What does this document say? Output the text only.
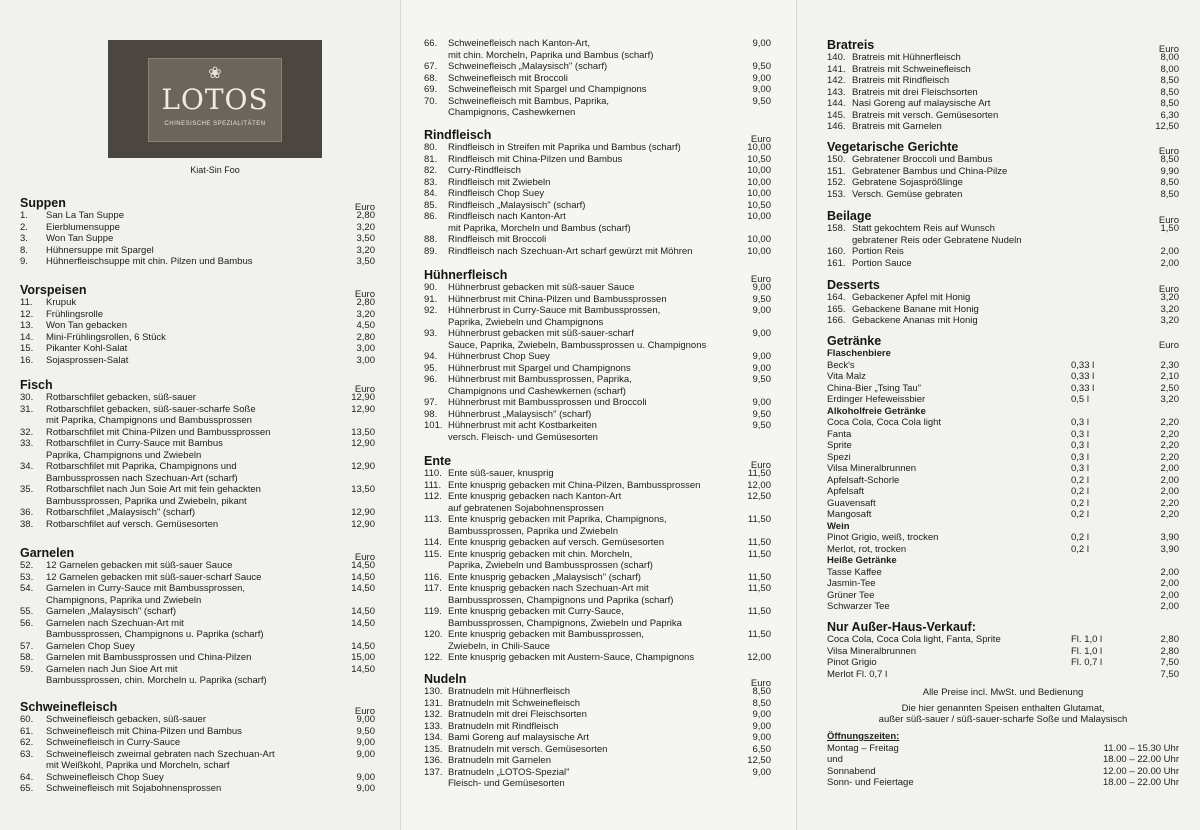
❀
LOTOS
CHINESISCHE SPEZIALITÄTEN
Kiat-Sin Foo
Suppen	Euro
1. San La Tan Suppe	2,80
2. Eierblumensuppe	3,20
3. Won Tan Suppe	3,50
8. Hühnersuppe mit Spargel	3,20
9. Hühnerfleischsuppe mit chin. Pilzen und Bambus	3,50
Vorspeisen	Euro
11. Krupuk	2,80
12. Frühlingsrolle	3,20
13. Won Tan gebacken	4,50
14. Mini-Frühlingsrollen, 6 Stück	2,80
15. Pikanter Kohl-Salat	3,00
16. Sojasprossen-Salat	3,00
Fisch	Euro
30. Rotbarschfilet gebacken, süß-sauer	12,90
31. Rotbarschfilet gebacken, süß-sauer-scharfe Soße	12,90
mit Paprika, Champignons und Bambussprossen
32. Rotbarschfilet mit China-Pilzen und Bambussprossen	13,50
33. Rotbarschfilet in Curry-Sauce mit Bambus	12,90
Paprika, Champignons und Zwiebeln
34. Rotbarschfilet mit Paprika, Champignons und	12,90
Bambussprossen nach Szechuan-Art (scharf)
35. Rotbarschfilet nach Jun Soie Art mit fein gehackten	13,50
Bambussprossen, Paprika und Zwiebeln, pikant
36. Rotbarschfilet „Malaysisch" (scharf)	12,90
38. Rotbarschfilet auf versch. Gemüsesorten	12,90
Garnelen	Euro
52. 12 Garnelen gebacken mit süß-sauer Sauce	14,50
53. 12 Garnelen gebacken mit süß-sauer-scharf Sauce	14,50
54. Garnelen in Curry-Sauce mit Bambussprossen,	14,50
Champignons, Paprika und Zwiebeln
55. Garnelen „Malaysisch" (scharf)	14,50
56. Garnelen nach Szechuan-Art mit	14,50
Bambussprossen, Champignons u. Paprika (scharf)
57. Garnelen Chop Suey	14,50
58. Garnelen mit Bambussprossen und China-Pilzen	15,00
59. Garnelen nach Jun Sioe Art mit	14,50
Bambussprossen, chin. Morcheln u. Paprika (scharf)
Schweinefleisch	Euro
60. Schweinefleisch gebacken, süß-sauer	9,00
61. Schweinefleisch mit China-Pilzen und Bambus	9,50
62. Schweinefleisch in Curry-Sauce	9,00
63. Schweinefleisch zweimal gebraten nach Szechuan-Art	9,00
mit Weißkohl, Paprika und Morcheln, scharf
64. Schweinefleisch Chop Suey	9,00
65. Schweinefleisch mit Sojabohnensprossen	9,00
66. Schweinefleisch nach Kanton-Art,	9,00
mit chin. Morcheln, Paprika und Bambus (scharf)
67. Schweinefleisch „Malaysisch" (scharf)	9,50
68. Schweinefleisch mit Broccoli	9,00
69. Schweinefleisch mit Spargel und Champignons	9,00
70. Schweinefleisch mit Bambus, Paprika,	9,50
Champignons, Cashewkernen
Rindfleisch	Euro
80. Rindfleisch in Streifen mit Paprika und Bambus (scharf)	10,00
81. Rindfleisch mit China-Pilzen und Bambus	10,50
82. Curry-Rindfleisch	10,00
83. Rindfleisch mit Zwiebeln	10,00
84. Rindfleisch Chop Suey	10,00
85. Rindfleisch „Malaysisch" (scharf)	10,50
86. Rindfleisch nach Kanton-Art	10,00
mit Paprika, Morcheln und Bambus (scharf)
88. Rindfleisch mit Broccoli	10,00
89. Rindfleisch nach Szechuan-Art scharf gewürzt mit Möhren	10,00
Hühnerfleisch	Euro
90. Hühnerbrust gebacken mit süß-sauer Sauce	9,00
91. Hühnerbrust mit China-Pilzen und Bambussprossen	9,50
92. Hühnerbrust in Curry-Sauce mit Bambussprossen,	9,00
Paprika, Zwiebeln und Champignons
93. Hühnerbrust gebacken mit süß-sauer-scharf	9,00
Sauce, Paprika, Zwiebeln, Bambussprossen u. Champignons
94. Hühnerbrust Chop Suey	9,00
95. Hühnerbrust mit Spargel und Champignons	9,00
96. Hühnerbrust mit Bambussprossen, Paprika,	9,50
Champignons und Cashewkernen (scharf)
97. Hühnerbrust mit Bambussprossen und Broccoli	9,00
98. Hühnerbrust „Malaysisch" (scharf)	9,50
101. Hühnerbrust mit acht Kostbarkeiten	9,50
versch. Fleisch- und Gemüsesorten
Ente	Euro
110. Ente süß-sauer, knusprig	11,50
111. Ente knusprig gebacken mit China-Pilzen, Bambussprossen	12,00
112. Ente knusprig gebacken nach Kanton-Art	12,50
auf gebratenen Sojabohnensprossen
113. Ente knusprig gebacken mit Paprika, Champignons,	11,50
Bambussprossen, Paprika und Zwiebeln
114. Ente knusprig gebacken auf versch. Gemüsesorten	11,50
115. Ente knusprig gebacken mit chin. Morcheln,	11,50
Paprika, Zwiebeln und Bambussprossen (scharf)
116. Ente knusprig gebacken „Malaysisch" (scharf)	11,50
117. Ente knusprig gebacken nach Szechuan-Art mit	11,50
Bambussprossen, Champignons und Paprika (scharf)
119. Ente knusprig gebacken mit Curry-Sauce,	11,50
Bambussprossen, Champignons, Zwiebeln und Paprika
120. Ente knusprig gebacken mit Bambussprossen,	11,50
Zwiebeln, in Chili-Sauce
122. Ente knusprig gebacken mit Austern-Sauce, Champignons	12,00
Nudeln	Euro
130. Bratnudeln mit Hühnerfleisch	8,50
131. Bratnudeln mit Schweinefleisch	8,50
132. Bratnudeln mit drei Fleischsorten	9,00
133. Bratnudeln mit Rindfleisch	9,00
134. Bami Goreng auf malaysische Art	9,00
135. Bratnudeln mit versch. Gemüsesorten	6,50
136. Bratnudeln mit Garnelen	12,50
137. Bratnudeln „LOTOS-Spezial"	9,00
Fleisch- und Gemüsesorten
Bratreis	Euro
140. Bratreis mit Hühnerfleisch	8,00
141. Bratreis mit Schweinefleisch	8,00
142. Bratreis mit Rindfleisch	8,50
143. Bratreis mit drei Fleischsorten	8,50
144. Nasi Goreng auf malaysische Art	8,50
145. Bratreis mit versch. Gemüsesorten	6,30
146. Bratreis mit Garnelen	12,50
Vegetarische Gerichte	Euro
150. Gebratener Broccoli und Bambus	8,50
151. Gebratener Bambus und China-Pilze	9,90
152. Gebratene Sojasprößlinge	8,50
153. Versch. Gemüse gebraten	8,50
Beilage	Euro
158. Statt gekochtem Reis auf Wunsch	1,50
gebratener Reis oder Gebratene Nudeln
160. Portion Reis	2,00
161. Portion Sauce	2,00
Desserts	Euro
164. Gebackener Apfel mit Honig	3,20
165. Gebackene Banane mit Honig	3,20
166. Gebackene Ananas mit Honig	3,20
Getränke	Euro
Flaschenbiere
Beck's	0,33 l	2,30
Vita Malz	0,33 l	2,10
China-Bier „Tsing Tau"	0,33 l	2,50
Erdinger Hefeweissbier	0,5 l	3,20
Alkoholfreie Getränke
Coca Cola, Coca Cola light	0,3 l	2,20
Fanta	0,3 l	2,20
Sprite	0,3 l	2,20
Spezi	0,3 l	2,20
Vilsa Mineralbrunnen	0,3 l	2,00
Apfelsaft-Schorle	0,2 l	2,00
Apfelsaft	0,2 l	2,00
Guavensaft	0,2 l	2,20
Mangosaft	0,2 l	2,20
Wein
Pinot Grigio, weiß, trocken	0,2 l	3,90
Merlot, rot, trocken	0,2 l	3,90
Heiße Getränke
Tasse Kaffee	2,00
Jasmin-Tee	2,00
Grüner Tee	2,00
Schwarzer Tee	2,00
Nur Außer-Haus-Verkauf:
Coca Cola, Coca Cola light, Fanta, Sprite	Fl. 1,0 l	2,80
Vilsa Mineralbrunnen	Fl. 1,0 l	2,80
Pinot Grigio	Fl. 0,7 l	7,50
Merlot Fl. 0,7 l	7,50
Alle Preise incl. MwSt. und Bedienung
Die hier genannten Speisen enthalten Glutamat,
außer süß-sauer / süß-sauer-scharfe Soße und Malaysisch
Öffnungszeiten:
Montag – Freitag	11.00 – 15.30 Uhr
und	18.00 – 22.00 Uhr
Sonnabend	12.00 – 20.00 Uhr
Sonn- und Feiertage	18.00 – 22.00 Uhr
